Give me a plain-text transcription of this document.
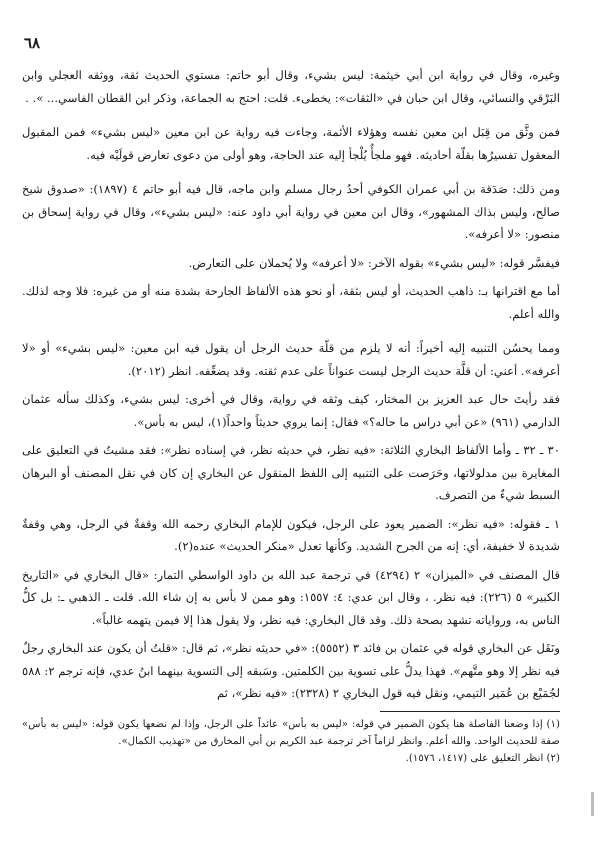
٦٨

وغيره، وقال في رواية ابن أبي خيثمة: ليس بشيء، وقال أبو حاتم: مستوي الحديث ثقة، ووثقه العجلي وابن البَرْقي والنسائي، وقال ابن حبان في «الثقات»: يخطىء. قلت: احتج به الجماعة، وذكر ابن القطان الفاسي... ». .

فمن وثَّق من قِبَل ابن معين نفسه وهؤلاء الأئمة، وجاءت فيه رواية عن ابن معين «ليس بشيء» فمن المقبول المعقول تفسيرُها بقلّة أحاديثه. فهو ملجأٌ يُلْجأ إليه عند الحاجة، وهو أولى من دعوى تعارض قولَيْه فيه.

ومن ذلك: صَدَقة بن أبي عمران الكوفي أحدُ رجال مسلم وابن ماجه، قال فيه أبو حاتم ٤ (١٨٩٧): «صدوق شيخ صالح، وليس بذاك المشهور»، وقال ابن معين في رواية أبي داود عنه: «ليس بشيء»، وقال في رواية إسحاق بن منصور: «لا أعرفه».

فيفسَّر قوله: «ليس بشيء» بقوله الآخر: «لا أعرفه» ولا يُحملان على التعارض.

أما مع اقترانها بـ: ذاهب الحديث، أو ليس بثقة، أو نحو هذه الألفاظ الجارحة بشدة منه أو من غيره: فلا وجه لذلك. والله أعلم.

ومما يحسُن التنبيه إليه أخيراً: أنه لا يلزم من قلّة حديث الرجل أن يقول فيه ابن معين: «ليس بشيء» أو «لا أعرفه». أعني: أن قلَّة حديث الرجل ليست عنواناً على عدم ثقته. وقد يضعِّفه. انظر (٢٠١٢).

فقد رأيتَ حال عبد العزيز بن المختار، كيف وثقه في رواية، وقال في أخرى: ليس بشيء، وكذلك سأله عثمان الدارمي (٩٦١) «عن أبي دراس ما حاله؟» فقال: إنما يروي حديثاً واحداً(١)، ليس به بأس».

٣٠ ـ ٣٢ ـ وأما الألفاظ البخاري الثلاثة: «فيه نظر، في حديثه نظر، في إسناده نظر»: فقد مشيتُ في التعليق على المغايرة بين مدلولاتها، وحَرَصت على التنبيه إلى اللفظ المنقول عن البخاري إن كان في نقل المصنف أو البرهان السبط شيءٌ من التصرف.

١ ـ فقوله: «فيه نظر»: الضمير يعود على الرجل، فيكون للإمام البخاري رحمه الله وقفةٌ في الرجل، وهي وقفةٌ شديدة لا خفيفة، أي: إنه من الجرح الشديد. وكأنها تعدل «منكر الحديث» عنده(٢).

قال المصنف في «الميزان» ٢ (٤٢٩٤) في ترجمة عبد الله بن داود الواسطي التمار: «قال البخاري في «التاريخ الكبير» ٥ (٢٢٦): فيه نظر. ، وقال ابن عدي: ٤: ١٥٥٧: وهو ممن لا بأس به إن شاء الله. قلت ـ الذهبي ـ: بل كلُّ الناس به، ورواياته تشهد بصحة ذلك. وقد قال البخاري: فيه نظر، ولا يقول هذا إلا فيمن يتهمه غالباً».

ونَقَل عن البخاري قوله في عثمان بن فائد ٣ (٥٥٥٢): «في حديثه نظر»، ثم قال: «قلتُ أن يكون عند البخاري رجلٌ فيه نظر إلا وهو متَّهم». فهذا يدلُّ على تسوية بين الكلمتين. وسَبقه إلى التسوية بينهما ابنُ عدي، فإنه ترجم ٢: ٥٨٨ لجُمَيْع بن عُمَير التيمي، ونقل فيه قول البخاري ٢ (٢٣٢٨): «فيه نظر»، ثم

(١) إذا وضعنا الفاصلة هنا يكون الضمير في قوله: «ليس به بأس» عائداً على الرجل، وإذا لم نضعها يكون قوله: «ليس به بأس» صفة للحديث الواحد. والله أعلم. وانظر لزاماً آخر ترجمة عبد الكريم بن أبي المخارق من «تهذيب الكمال».

(٢) انظر التعليق على (١٤١٧، ١٥٧٦).
